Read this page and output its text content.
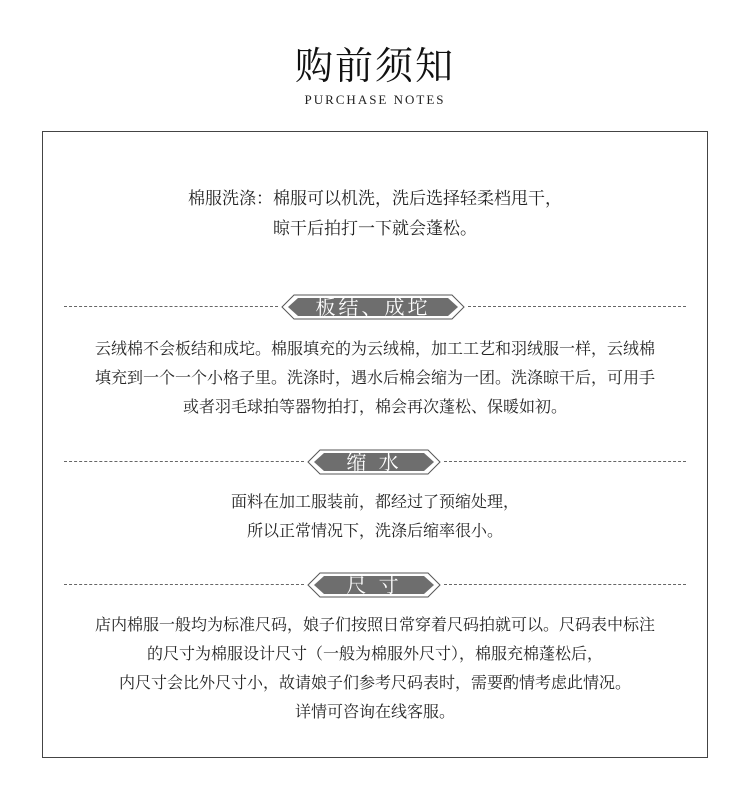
购前须知
PURCHASE NOTES
棉服洗涤：棉服可以机洗，洗后选择轻柔档甩干，
晾干后拍打一下就会蓬松。
板结、成坨
云绒棉不会板结和成坨。棉服填充的为云绒棉，加工工艺和羽绒服一样，云绒棉
填充到一个一个小格子里。洗涤时，遇水后棉会缩为一团。洗涤晾干后，可用手
或者羽毛球拍等器物拍打，棉会再次蓬松、保暖如初。
缩 水
面料在加工服装前，都经过了预缩处理，
所以正常情况下，洗涤后缩率很小。
尺 寸
店内棉服一般均为标准尺码，娘子们按照日常穿着尺码拍就可以。尺码表中标注
的尺寸为棉服设计尺寸（一般为棉服外尺寸），棉服充棉蓬松后，
内尺寸会比外尺寸小，故请娘子们参考尺码表时，需要酌情考虑此情况。
详情可咨询在线客服。
